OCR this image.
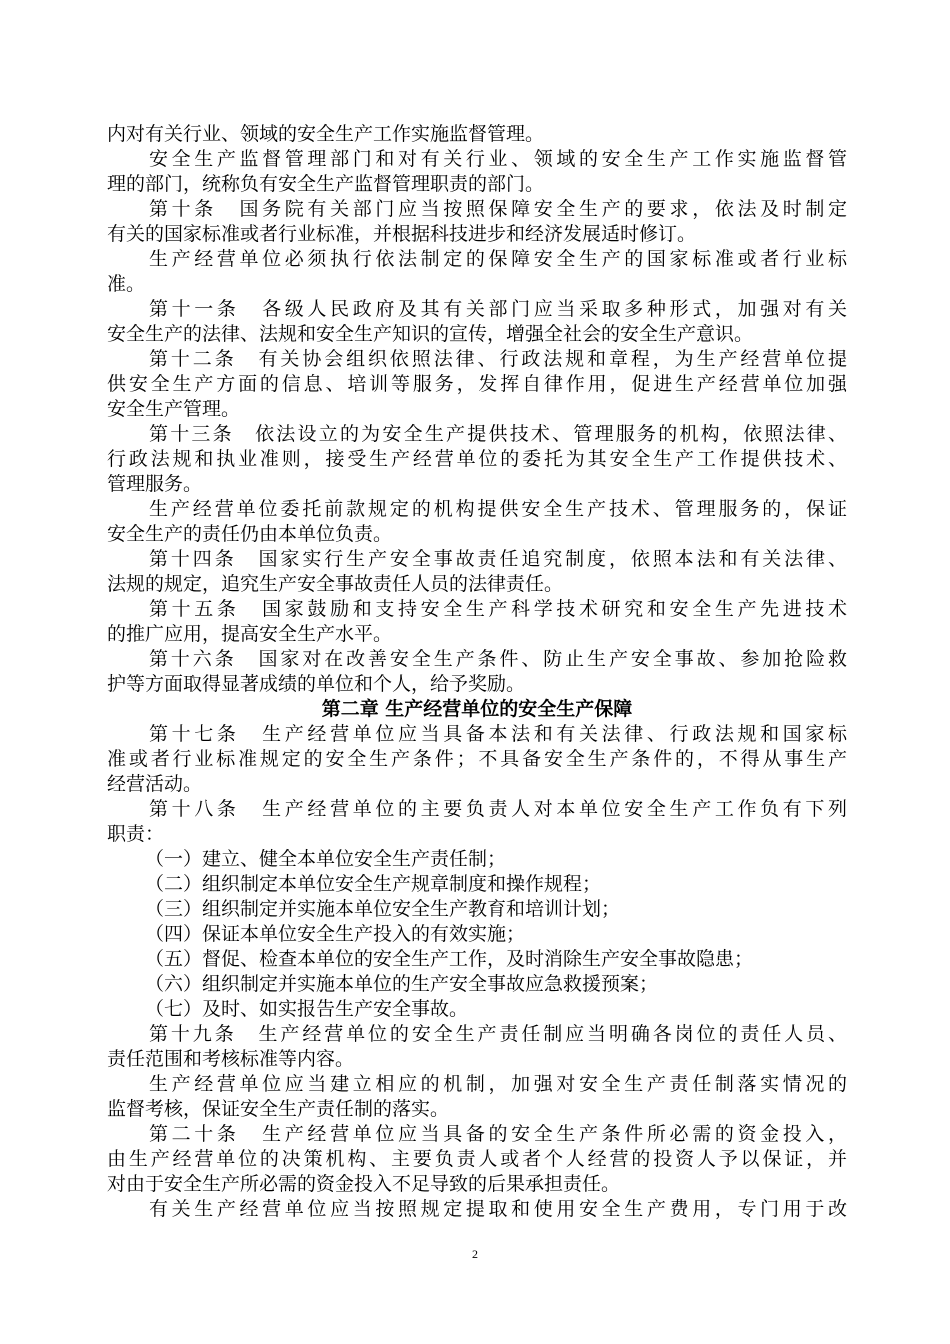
内对有关行业、领域的安全生产工作实施监督管理。
安全生产监督管理部门和对有关行业、领域的安全生产工作实施监督管
理的部门，统称负有安全生产监督管理职责的部门。
第十条　国务院有关部门应当按照保障安全生产的要求，依法及时制定
有关的国家标准或者行业标准，并根据科技进步和经济发展适时修订。
生产经营单位必须执行依法制定的保障安全生产的国家标准或者行业标
准。
第十一条　各级人民政府及其有关部门应当采取多种形式，加强对有关
安全生产的法律、法规和安全生产知识的宣传，增强全社会的安全生产意识。
第十二条　有关协会组织依照法律、行政法规和章程，为生产经营单位提
供安全生产方面的信息、培训等服务，发挥自律作用，促进生产经营单位加强
安全生产管理。
第十三条　依法设立的为安全生产提供技术、管理服务的机构，依照法律、
行政法规和执业准则，接受生产经营单位的委托为其安全生产工作提供技术、
管理服务。
生产经营单位委托前款规定的机构提供安全生产技术、管理服务的，保证
安全生产的责任仍由本单位负责。
第十四条　国家实行生产安全事故责任追究制度，依照本法和有关法律、
法规的规定，追究生产安全事故责任人员的法律责任。
第十五条　国家鼓励和支持安全生产科学技术研究和安全生产先进技术
的推广应用，提高安全生产水平。
第十六条　国家对在改善安全生产条件、防止生产安全事故、参加抢险救
护等方面取得显著成绩的单位和个人，给予奖励。
第二章 生产经营单位的安全生产保障
第十七条　生产经营单位应当具备本法和有关法律、行政法规和国家标
准或者行业标准规定的安全生产条件；不具备安全生产条件的，不得从事生产
经营活动。
第十八条　生产经营单位的主要负责人对本单位安全生产工作负有下列
职责：
（一）建立、健全本单位安全生产责任制；
（二）组织制定本单位安全生产规章制度和操作规程；
（三）组织制定并实施本单位安全生产教育和培训计划；
（四）保证本单位安全生产投入的有效实施；
（五）督促、检查本单位的安全生产工作，及时消除生产安全事故隐患；
（六）组织制定并实施本单位的生产安全事故应急救援预案；
（七）及时、如实报告生产安全事故。
第十九条　生产经营单位的安全生产责任制应当明确各岗位的责任人员、
责任范围和考核标准等内容。
生产经营单位应当建立相应的机制，加强对安全生产责任制落实情况的
监督考核，保证安全生产责任制的落实。
第二十条　生产经营单位应当具备的安全生产条件所必需的资金投入，
由生产经营单位的决策机构、主要负责人或者个人经营的投资人予以保证，并
对由于安全生产所必需的资金投入不足导致的后果承担责任。
有关生产经营单位应当按照规定提取和使用安全生产费用，专门用于改
2
